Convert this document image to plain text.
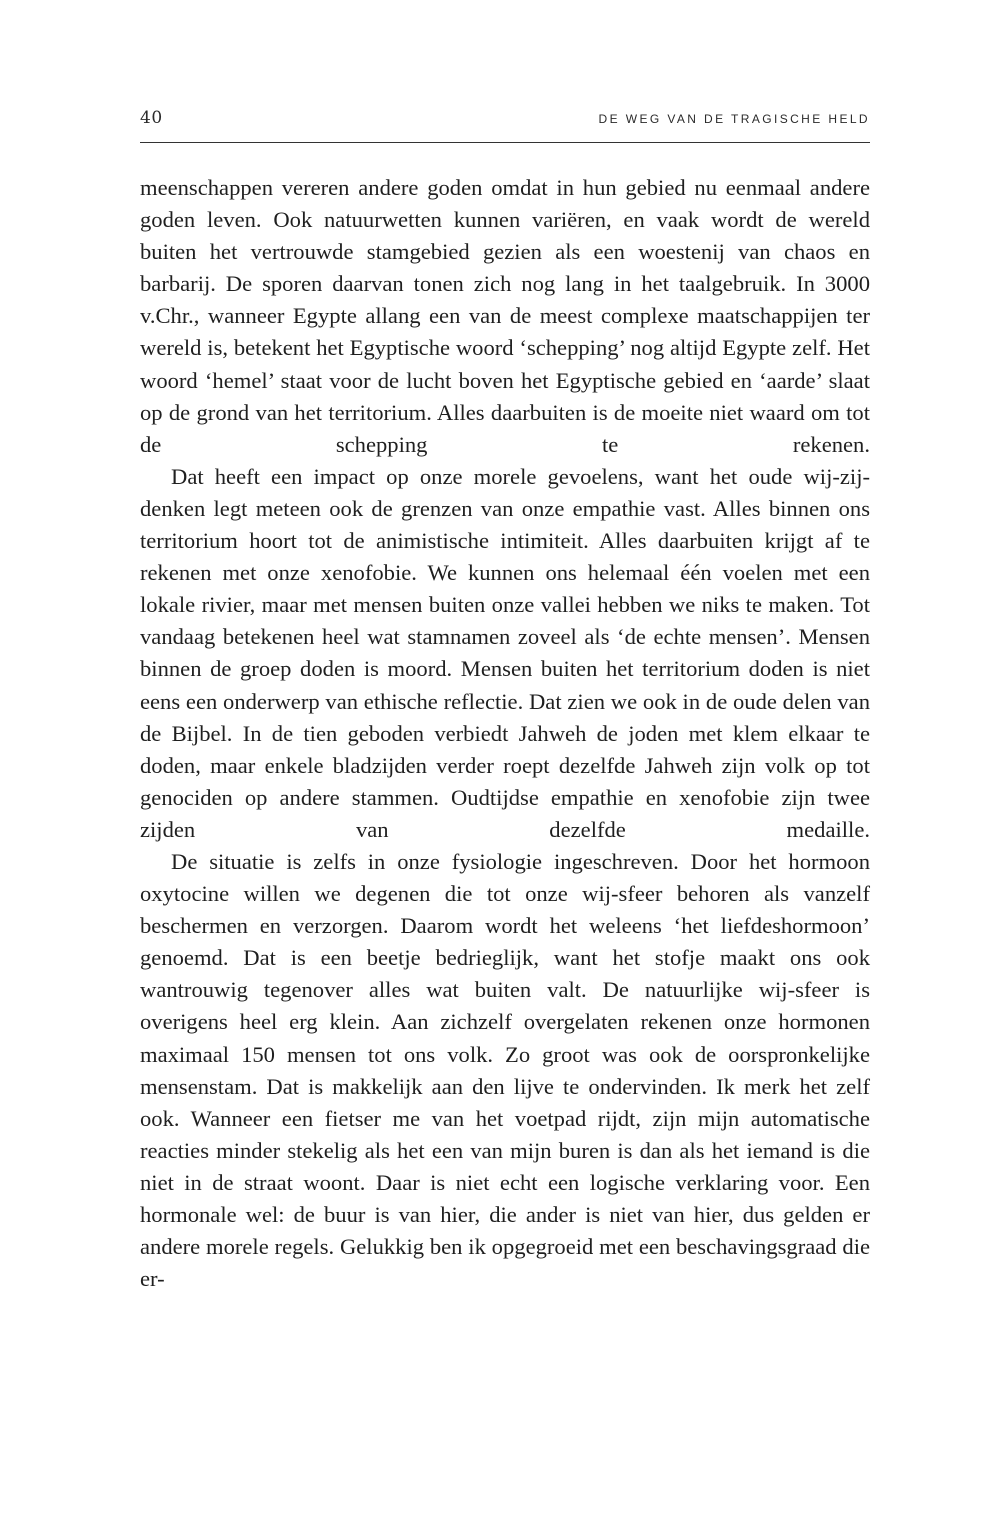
40	DE WEG VAN DE TRAGISCHE HELD

meenschappen vereren andere goden omdat in hun gebied nu eenmaal andere goden leven. Ook natuurwetten kunnen variëren, en vaak wordt de wereld buiten het vertrouwde stamgebied gezien als een woestenij van chaos en barbarij. De sporen daarvan tonen zich nog lang in het taalgebruik. In 3000 v.Chr., wanneer Egypte allang een van de meest complexe maatschappijen ter wereld is, betekent het Egyptische woord ‘schepping’ nog altijd Egypte zelf. Het woord ‘hemel’ staat voor de lucht boven het Egyptische gebied en ‘aarde’ slaat op de grond van het territorium. Alles daarbuiten is de moeite niet waard om tot de schepping te rekenen.

Dat heeft een impact op onze morele gevoelens, want het oude wij-zij-denken legt meteen ook de grenzen van onze empathie vast. Alles binnen ons territorium hoort tot de animistische intimiteit. Alles daarbuiten krijgt af te rekenen met onze xenofobie. We kunnen ons helemaal één voelen met een lokale rivier, maar met mensen buiten onze vallei hebben we niks te maken. Tot vandaag betekenen heel wat stamnamen zoveel als ‘de echte mensen’. Mensen binnen de groep doden is moord. Mensen buiten het territorium doden is niet eens een onderwerp van ethische reflectie. Dat zien we ook in de oude delen van de Bijbel. In de tien geboden verbiedt Jahweh de joden met klem elkaar te doden, maar enkele bladzijden verder roept dezelfde Jahweh zijn volk op tot genociden op andere stammen. Oudtijdse empathie en xenofobie zijn twee zijden van dezelfde medaille.

De situatie is zelfs in onze fysiologie ingeschreven. Door het hormoon oxytocine willen we degenen die tot onze wij-sfeer behoren als vanzelf beschermen en verzorgen. Daarom wordt het weleens ‘het liefdeshormoon’ genoemd. Dat is een beetje bedrieglijk, want het stofje maakt ons ook wantrouwig tegenover alles wat buiten valt. De natuurlijke wij-sfeer is overigens heel erg klein. Aan zichzelf overgelaten rekenen onze hormonen maximaal 150 mensen tot ons volk. Zo groot was ook de oorspronkelijke mensenstam. Dat is makkelijk aan den lijve te ondervinden. Ik merk het zelf ook. Wanneer een fietser me van het voetpad rijdt, zijn mijn automatische reacties minder stekelig als het een van mijn buren is dan als het iemand is die niet in de straat woont. Daar is niet echt een logische verklaring voor. Een hormonale wel: de buur is van hier, die ander is niet van hier, dus gelden er andere morele regels. Gelukkig ben ik opgegroeid met een beschavingsgraad die er-
